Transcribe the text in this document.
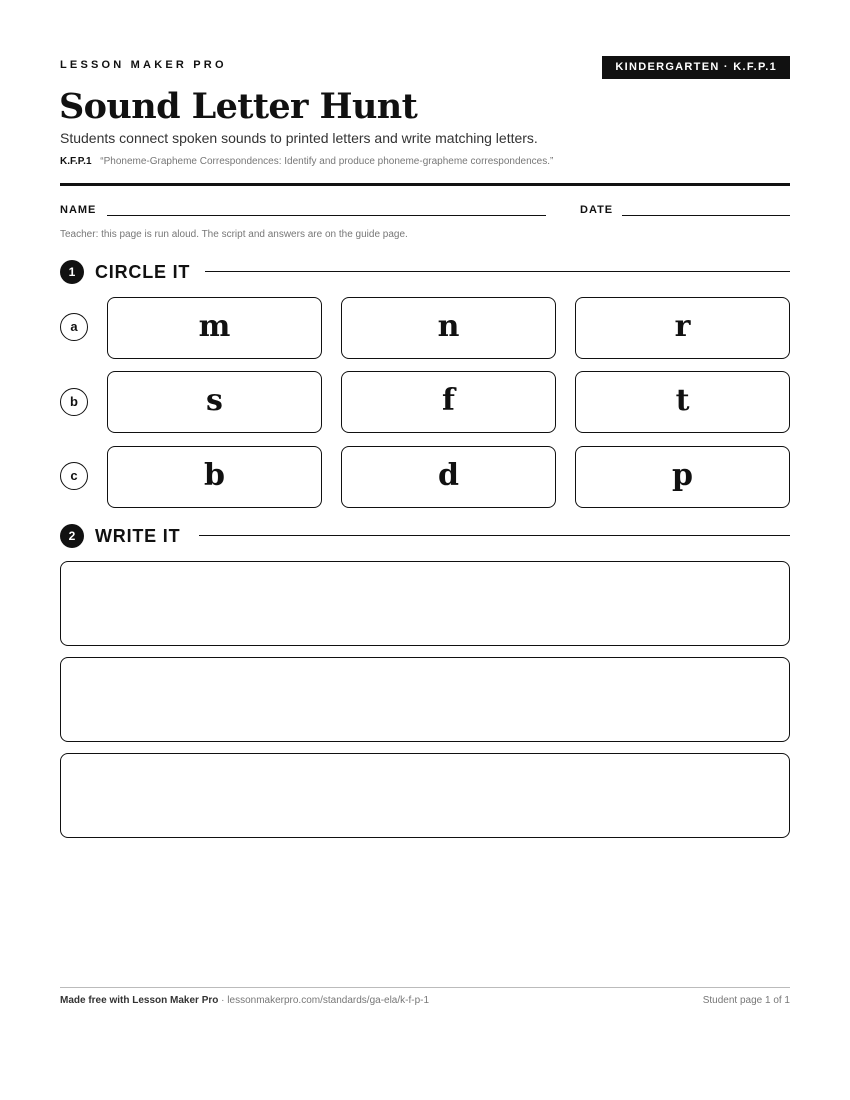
LESSON MAKER PRO	KINDERGARTEN · K.F.P.1
Sound Letter Hunt
Students connect spoken sounds to printed letters and write matching letters.
K.F.P.1 “Phoneme-Grapheme Correspondences: Identify and produce phoneme-grapheme correspondences.”
NAME	DATE
Teacher: this page is run aloud. The script and answers are on the guide page.
1	CIRCLE IT
a	m	n	r
b	s	f	t
c	b	d	p
2	WRITE IT
Made free with Lesson Maker Pro · lessonmakerpro.com/standards/ga-ela/k-f-p-1	Student page 1 of 1
